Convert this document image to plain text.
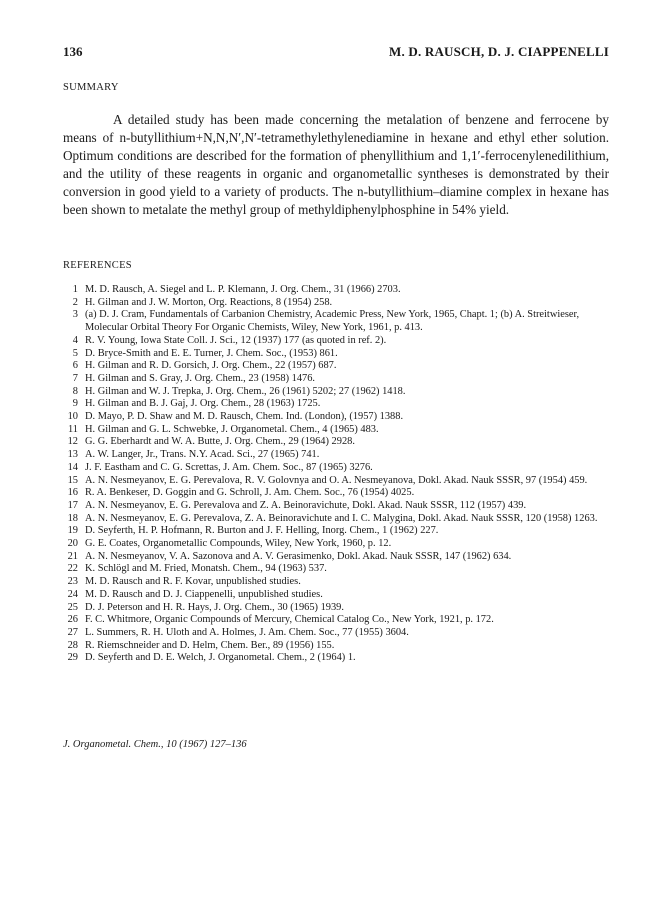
136	M. D. RAUSCH, D. J. CIAPPENELLI
SUMMARY

A detailed study has been made concerning the metalation of benzene and ferrocene by means of n-butyllithium+N,N,N′,N′-tetramethylethylenediamine in hexane and ethyl ether solution. Optimum conditions are described for the formation of phenyllithium and 1,1′-ferrocenylenedilithium, and the utility of these reagents in organic and organometallic syntheses is demonstrated by their conversion in good yield to a variety of products. The n-butyllithium–diamine complex in hexane has been shown to metalate the methyl group of methyldiphenylphosphine in 54% yield.

REFERENCES
1 M. D. Rausch, A. Siegel and L. P. Klemann, J. Org. Chem., 31 (1966) 2703.
2 H. Gilman and J. W. Morton, Org. Reactions, 8 (1954) 258.
3 (a) D. J. Cram, Fundamentals of Carbanion Chemistry, Academic Press, New York, 1965, Chapt. 1; (b) A. Streitwieser, Molecular Orbital Theory For Organic Chemists, Wiley, New York, 1961, p. 413.
4 R. V. Young, Iowa State Coll. J. Sci., 12 (1937) 177 (as quoted in ref. 2).
5 D. Bryce-Smith and E. E. Turner, J. Chem. Soc., (1953) 861.
6 H. Gilman and R. D. Gorsich, J. Org. Chem., 22 (1957) 687.
7 H. Gilman and S. Gray, J. Org. Chem., 23 (1958) 1476.
8 H. Gilman and W. J. Trepka, J. Org. Chem., 26 (1961) 5202; 27 (1962) 1418.
9 H. Gilman and B. J. Gaj, J. Org. Chem., 28 (1963) 1725.
10 D. Mayo, P. D. Shaw and M. D. Rausch, Chem. Ind. (London), (1957) 1388.
11 H. Gilman and G. L. Schwebke, J. Organometal. Chem., 4 (1965) 483.
12 G. G. Eberhardt and W. A. Butte, J. Org. Chem., 29 (1964) 2928.
13 A. W. Langer, Jr., Trans. N.Y. Acad. Sci., 27 (1965) 741.
14 J. F. Eastham and C. G. Screttas, J. Am. Chem. Soc., 87 (1965) 3276.
15 A. N. Nesmeyanov, E. G. Perevalova, R. V. Golovnya and O. A. Nesmeyanova, Dokl. Akad. Nauk SSSR, 97 (1954) 459.
16 R. A. Benkeser, D. Goggin and G. Schroll, J. Am. Chem. Soc., 76 (1954) 4025.
17 A. N. Nesmeyanov, E. G. Perevalova and Z. A. Beinoravichute, Dokl. Akad. Nauk SSSR, 112 (1957) 439.
18 A. N. Nesmeyanov, E. G. Perevalova, Z. A. Beinoravichute and I. C. Malygina, Dokl. Akad. Nauk SSSR, 120 (1958) 1263.
19 D. Seyferth, H. P. Hofmann, R. Burton and J. F. Helling, Inorg. Chem., 1 (1962) 227.
20 G. E. Coates, Organometallic Compounds, Wiley, New York, 1960, p. 12.
21 A. N. Nesmeyanov, V. A. Sazonova and A. V. Gerasimenko, Dokl. Akad. Nauk SSSR, 147 (1962) 634.
22 K. Schlögl and M. Fried, Monatsh. Chem., 94 (1963) 537.
23 M. D. Rausch and R. F. Kovar, unpublished studies.
24 M. D. Rausch and D. J. Ciappenelli, unpublished studies.
25 D. J. Peterson and H. R. Hays, J. Org. Chem., 30 (1965) 1939.
26 F. C. Whitmore, Organic Compounds of Mercury, Chemical Catalog Co., New York, 1921, p. 172.
27 L. Summers, R. H. Uloth and A. Holmes, J. Am. Chem. Soc., 77 (1955) 3604.
28 R. Riemschneider and D. Helm, Chem. Ber., 89 (1956) 155.
29 D. Seyferth and D. E. Welch, J. Organometal. Chem., 2 (1964) 1.
J. Organometal. Chem., 10 (1967) 127–136
